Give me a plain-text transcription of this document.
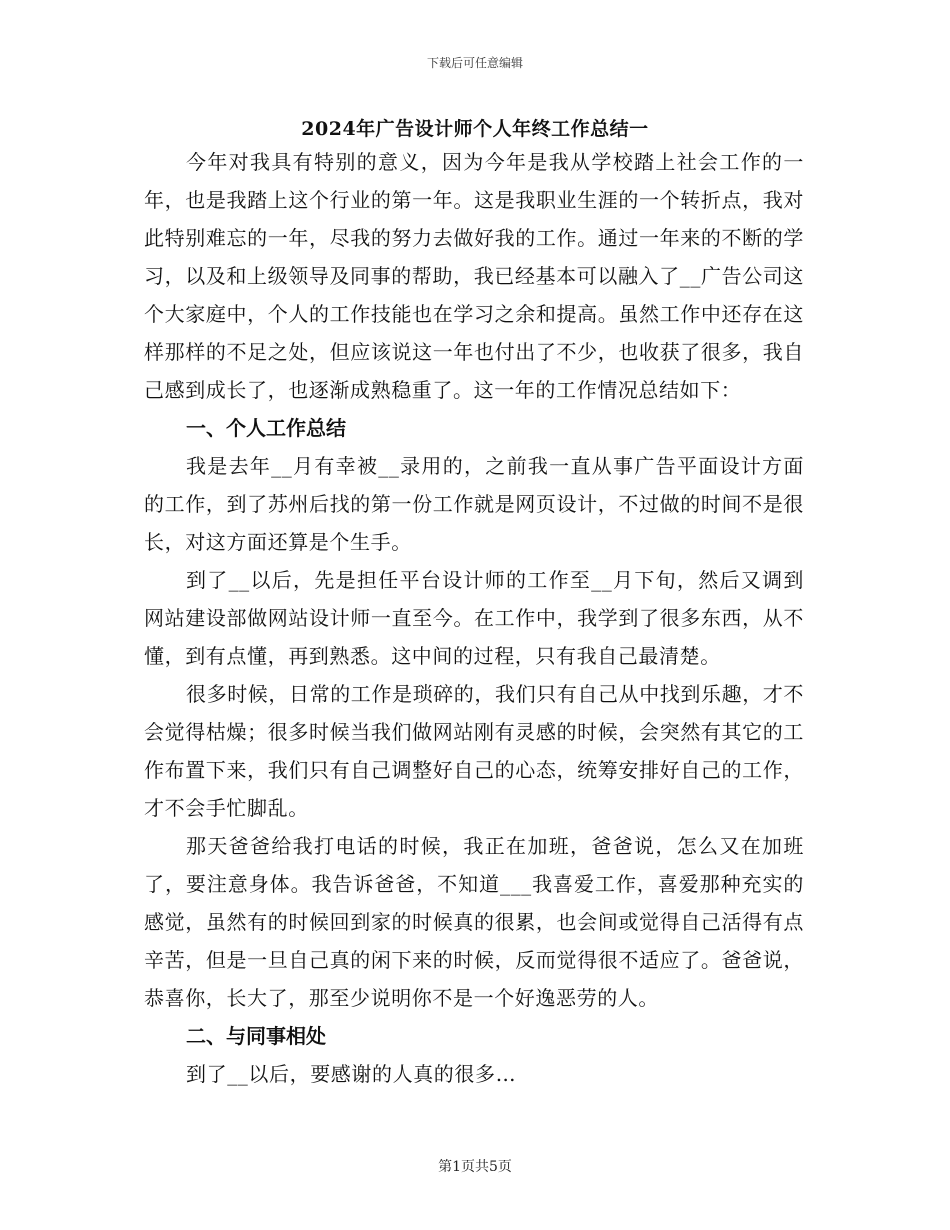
下载后可任意编辑
2024年广告设计师个人年终工作总结一

今年对我具有特别的意义，因为今年是我从学校踏上社会工作的一年，也是我踏上这个行业的第一年。这是我职业生涯的一个转折点，我对此特别难忘的一年，尽我的努力去做好我的工作。通过一年来的不断的学习，以及和上级领导及同事的帮助，我已经基本可以融入了__广告公司这个大家庭中，个人的工作技能也在学习之余和提高。虽然工作中还存在这样那样的不足之处，但应该说这一年也付出了不少，也收获了很多，我自己感到成长了，也逐渐成熟稳重了。这一年的工作情况总结如下：

一、个人工作总结

我是去年__月有幸被__录用的，之前我一直从事广告平面设计方面的工作，到了苏州后找的第一份工作就是网页设计，不过做的时间不是很长，对这方面还算是个生手。

到了__以后，先是担任平台设计师的工作至__月下旬，然后又调到网站建设部做网站设计师一直至今。在工作中，我学到了很多东西，从不懂，到有点懂，再到熟悉。这中间的过程，只有我自己最清楚。

很多时候，日常的工作是琐碎的，我们只有自己从中找到乐趣，才不会觉得枯燥；很多时候当我们做网站刚有灵感的时候，会突然有其它的工作布置下来，我们只有自己调整好自己的心态，统筹安排好自己的工作，才不会手忙脚乱。

那天爸爸给我打电话的时候，我正在加班，爸爸说，怎么又在加班了，要注意身体。我告诉爸爸，不知道___我喜爱工作，喜爱那种充实的感觉，虽然有的时候回到家的时候真的很累，也会间或觉得自己活得有点辛苦，但是一旦自己真的闲下来的时候，反而觉得很不适应了。爸爸说，恭喜你，长大了，那至少说明你不是一个好逸恶劳的人。

二、与同事相处

到了__以后，要感谢的人真的很多…

第1页共5页
